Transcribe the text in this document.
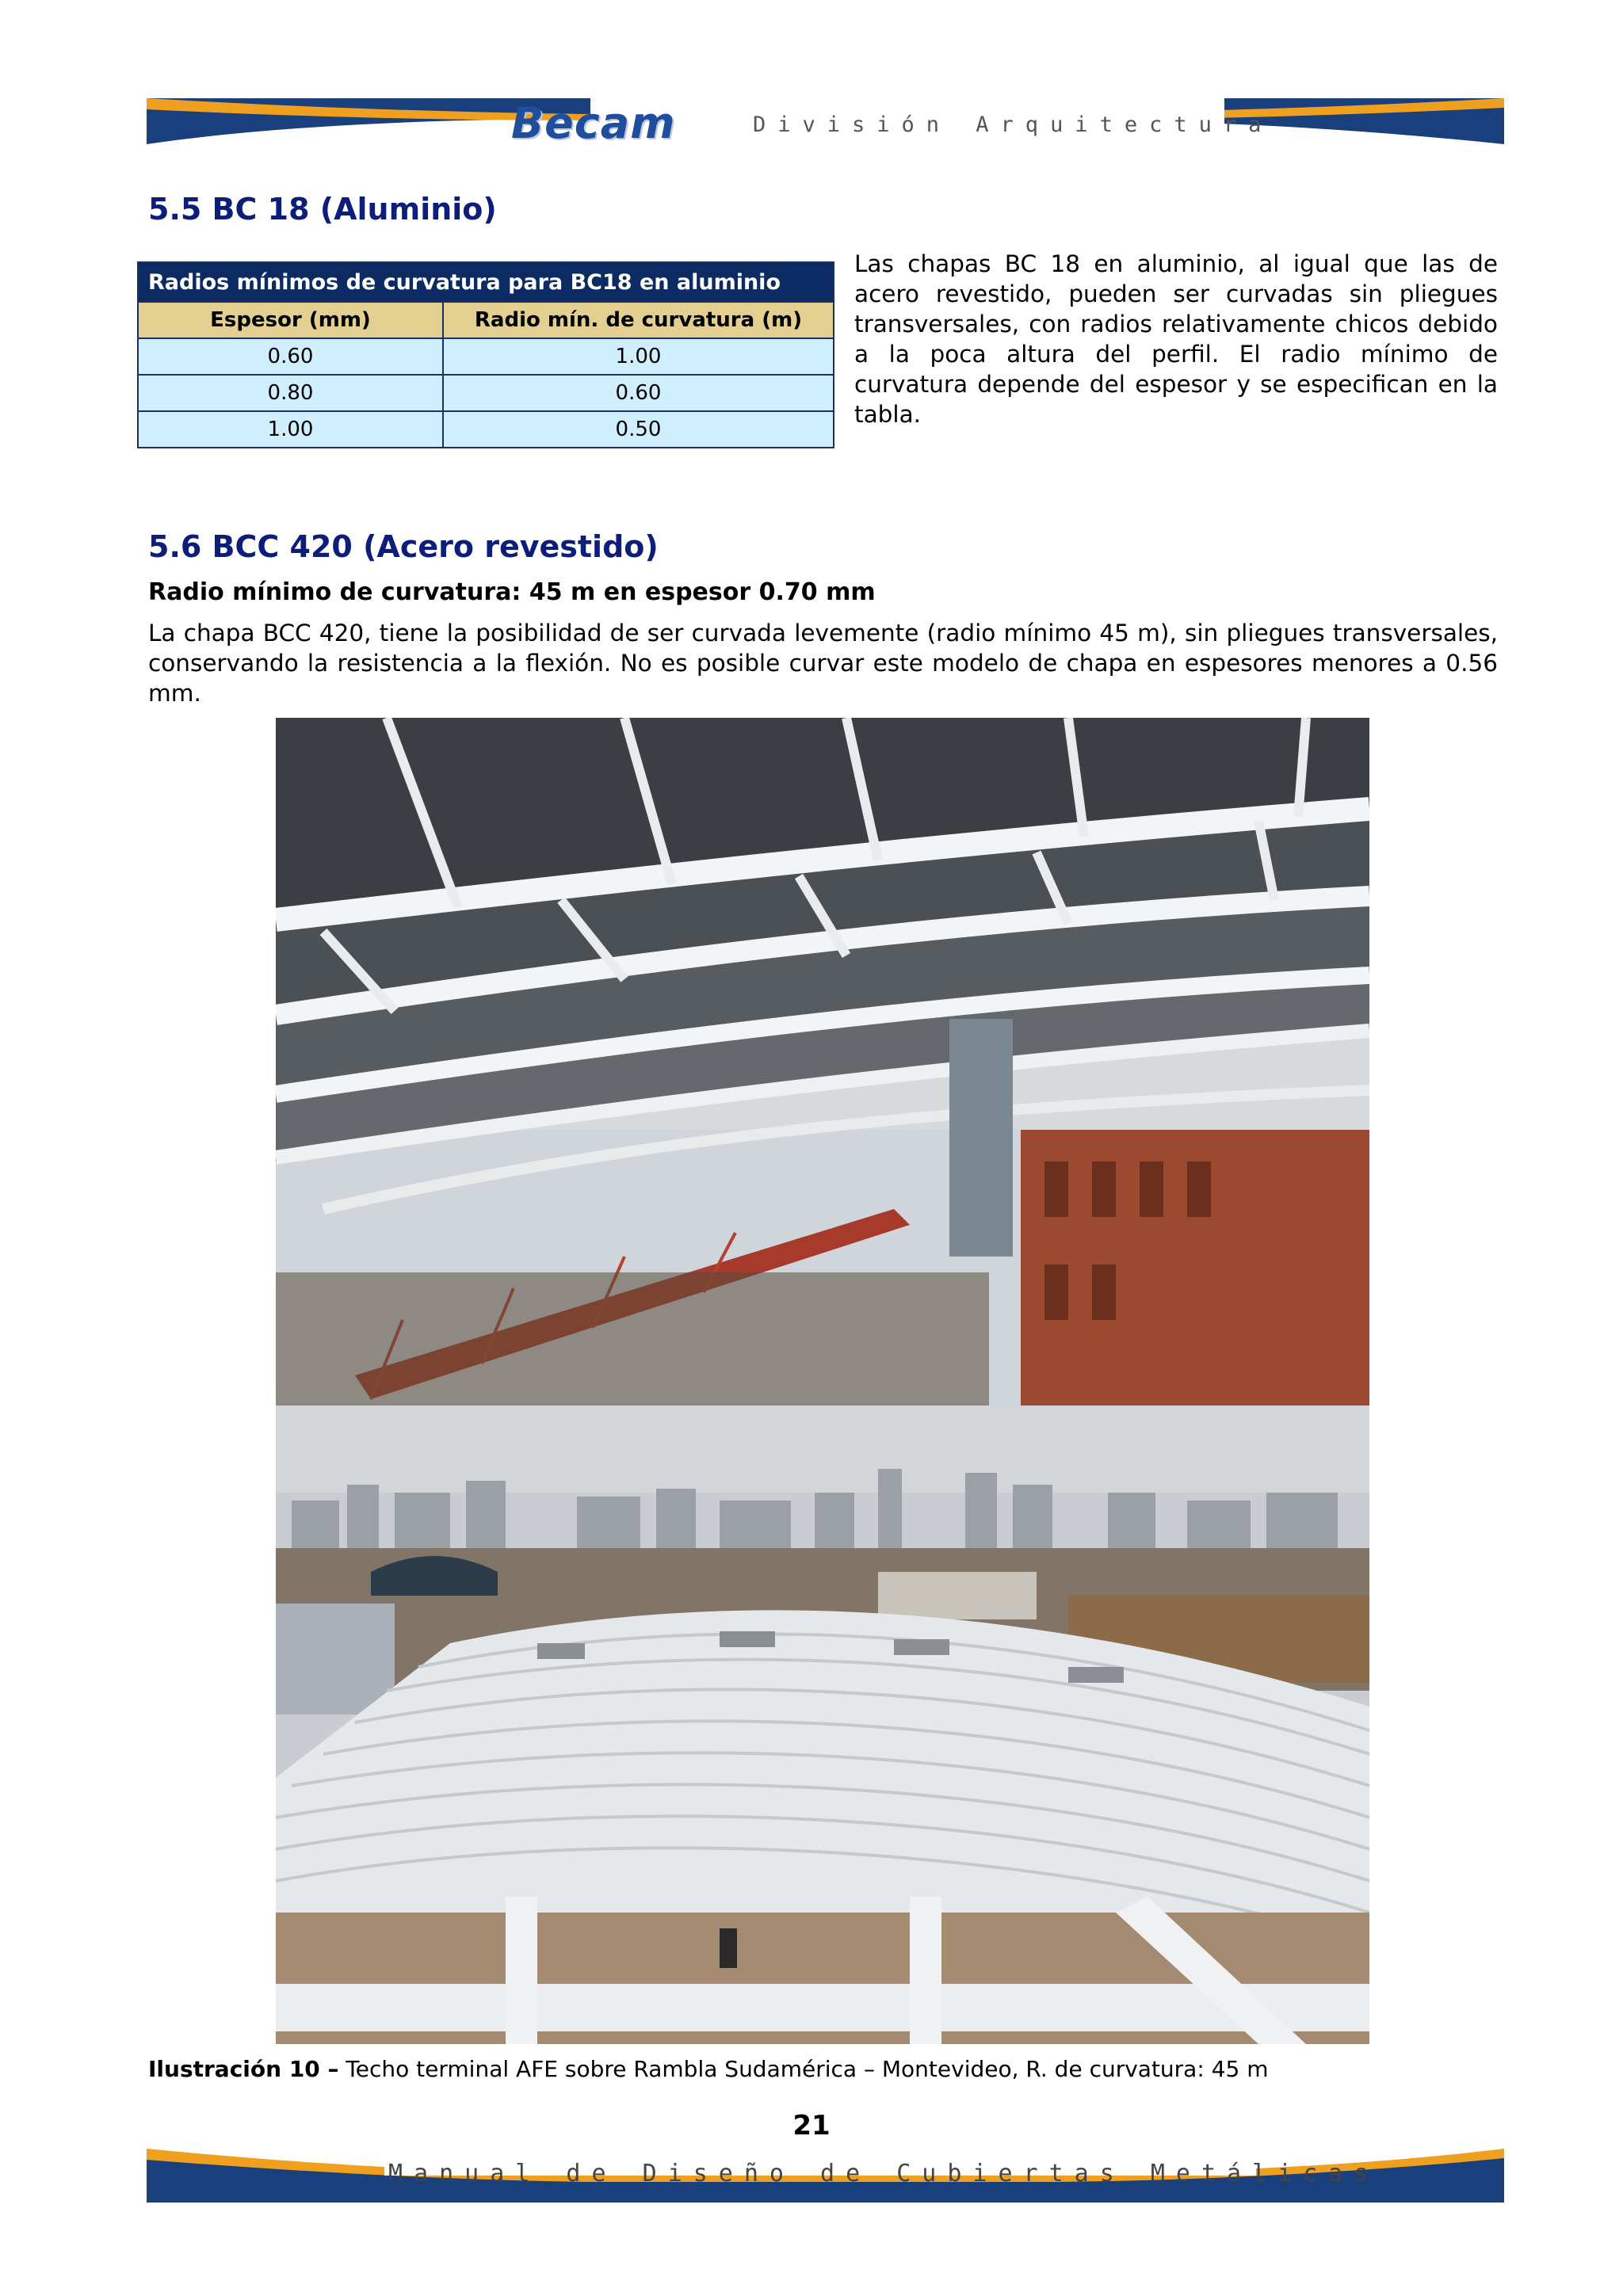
Becam	División Arquitectura
5.5 BC 18 (Aluminio)
Radios mínimos de curvatura para BC18 en aluminio	
Espesor (mm)	Radio mín. de curvatura (m)
0.60	1.00
0.80	0.60
1.00	0.50

Las chapas BC 18 en aluminio, al igual que las de acero revestido, pueden ser curvadas sin pliegues transversales, con radios relativamente chicos debido a la poca altura del perfil. El radio mínimo de curvatura depende del espesor y se especifican en la tabla.

5.6 BCC 420 (Acero revestido)

Radio mínimo de curvatura: 45 m en espesor 0.70 mm

La chapa BCC 420, tiene la posibilidad de ser curvada levemente (radio mínimo 45 m), sin pliegues transversales, conservando la resistencia a la flexión. No es posible curvar este modelo de chapa en espesores menores a 0.56 mm.

Ilustración 10 – Techo terminal AFE sobre Rambla Sudamérica – Montevideo, R. de curvatura: 45 m
21
Manual de Diseño de Cubiertas Metálicas
